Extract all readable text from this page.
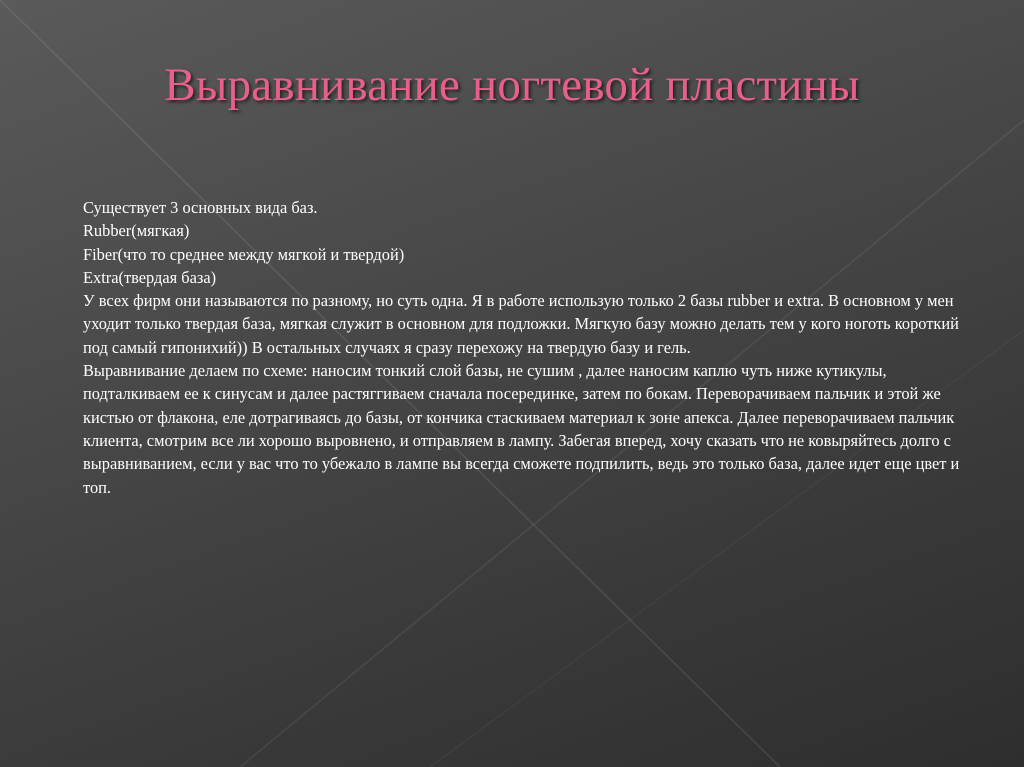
Выравнивание ногтевой пластины

Существует 3 основных вида баз.

Rubber(мягкая)

Fiber(что то среднее между мягкой и твердой)

Extra(твердая база)

У всех фирм они называются по разному, но суть одна. Я в работе использую только 2 базы rubber и extra. В основном у мен уходит только твердая база, мягкая служит в основном для подложки. Мягкую базу можно делать тем у кого ноготь короткий под самый гипонихий)) В остальных случаях я сразу перехожу на твердую базу и гель.

Выравнивание делаем по схеме: наносим тонкий слой базы, не сушим , далее наносим каплю чуть ниже кутикулы, подталкиваем ее к синусам и далее растяггиваем сначала посерединке, затем по бокам. Переворачиваем пальчик и этой же кистью от флакона, еле дотрагиваясь до базы, от кончика стаскиваем материал к зоне апекса. Далее переворачиваем пальчик клиента, смотрим все ли хорошо выровнено, и отправляем в лампу. Забегая вперед, хочу сказать что не ковыряйтесь долго с выравниванием, если у вас что то убежало в лампе вы всегда сможете подпилить, ведь это только база, далее идет еще цвет и топ.
